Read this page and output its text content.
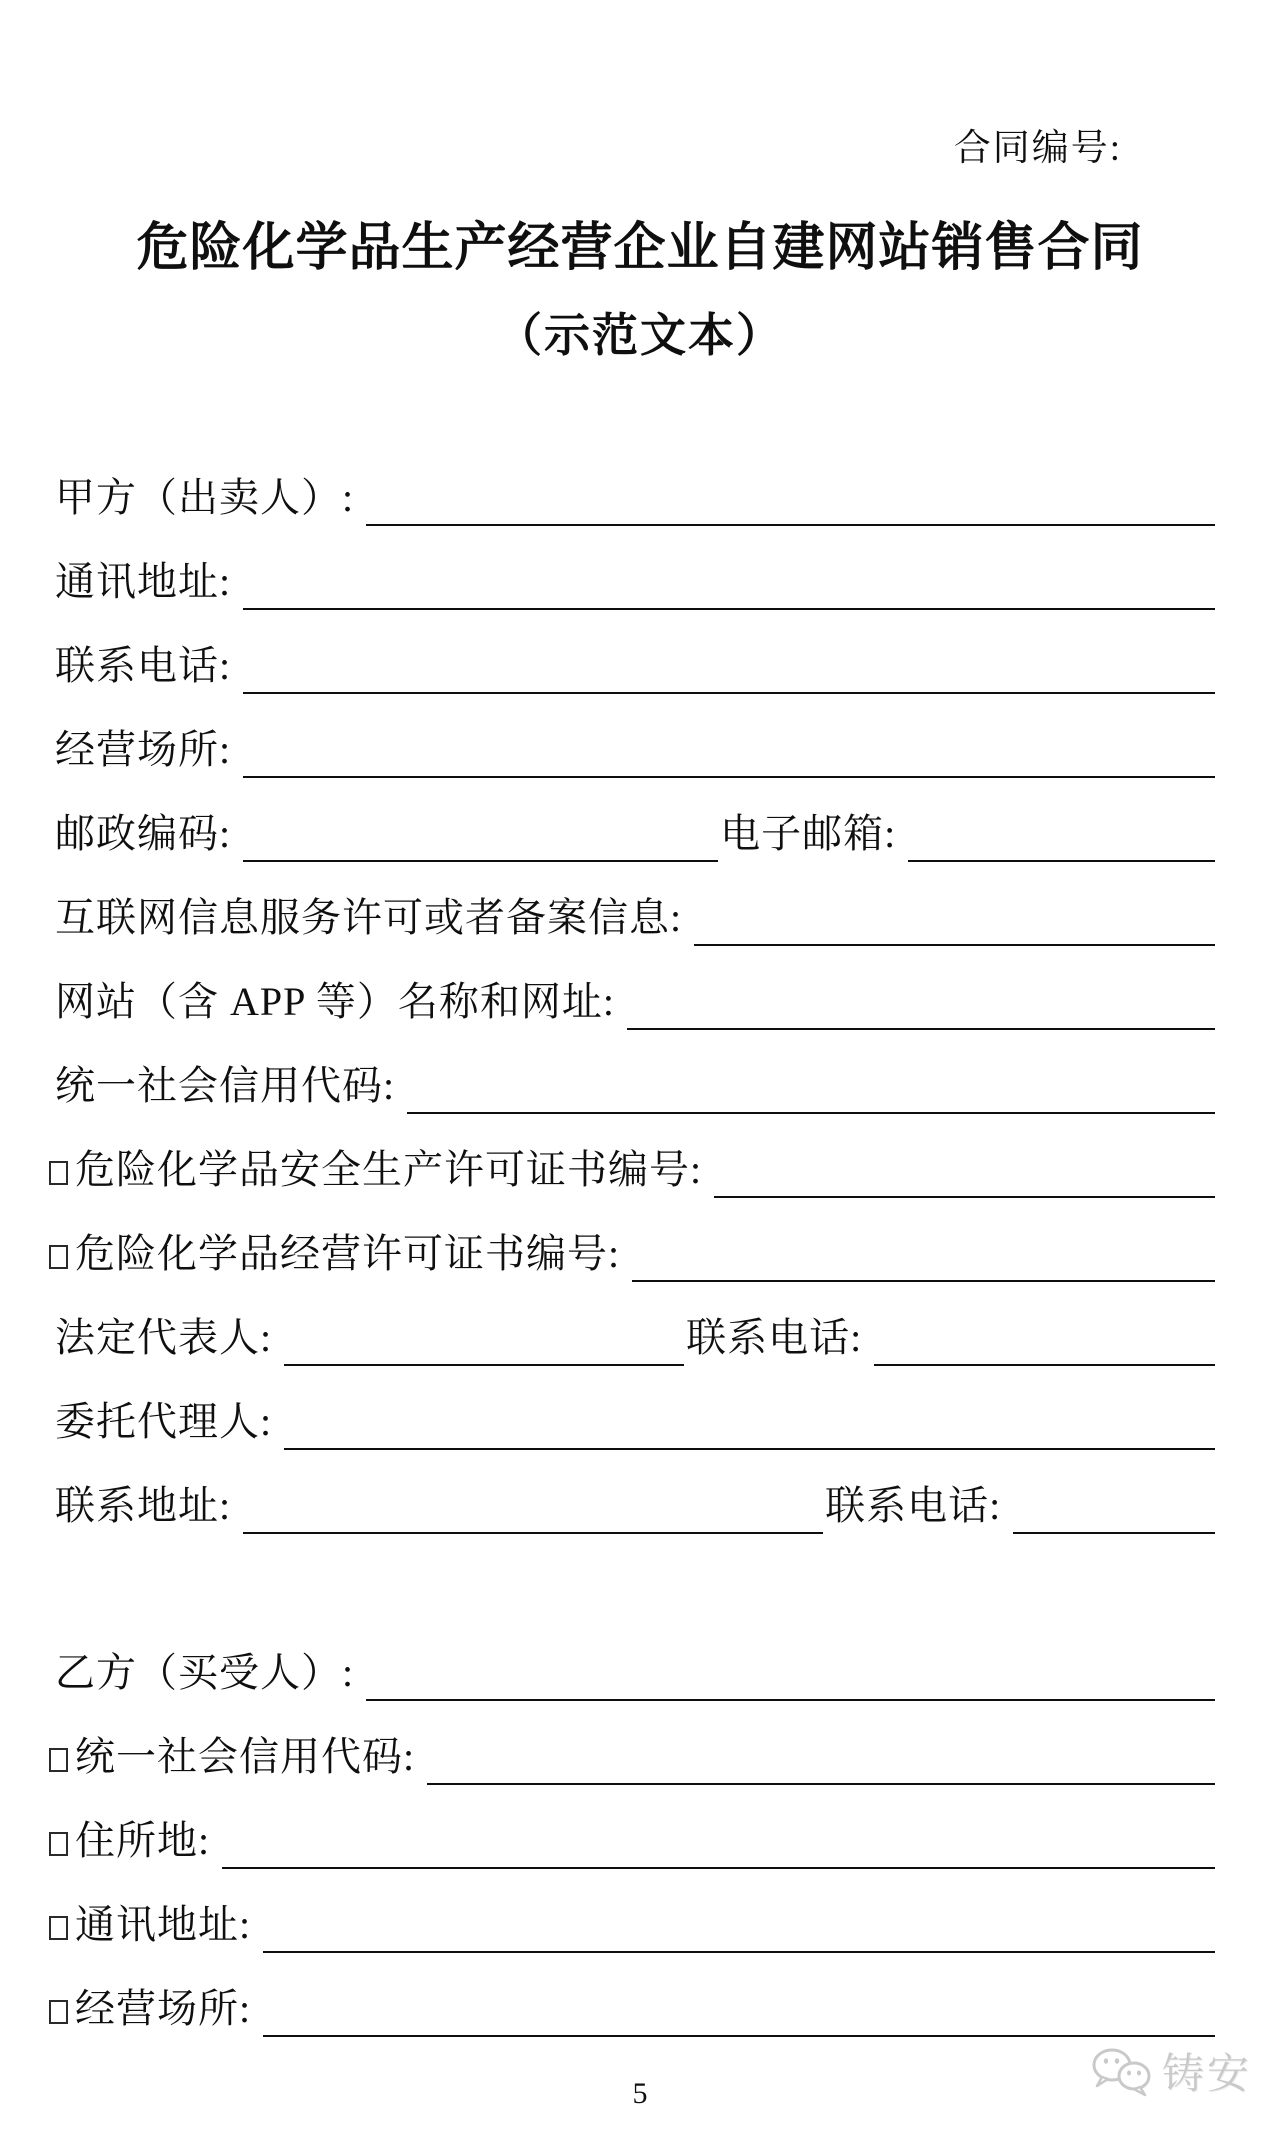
合同编号:
危险化学品生产经营企业自建网站销售合同
（示范文本）
甲方（出卖人）:
通讯地址:
联系电话:
经营场所:
邮政编码:	电子邮箱:
互联网信息服务许可或者备案信息:
网站（含 APP 等）名称和网址:
统一社会信用代码:
危险化学品安全生产许可证书编号:
危险化学品经营许可证书编号:
法定代表人:	联系电话:
委托代理人:
联系地址:	联系电话:
乙方（买受人）:
统一社会信用代码:
住所地:
通讯地址:
经营场所:
铸安
5
